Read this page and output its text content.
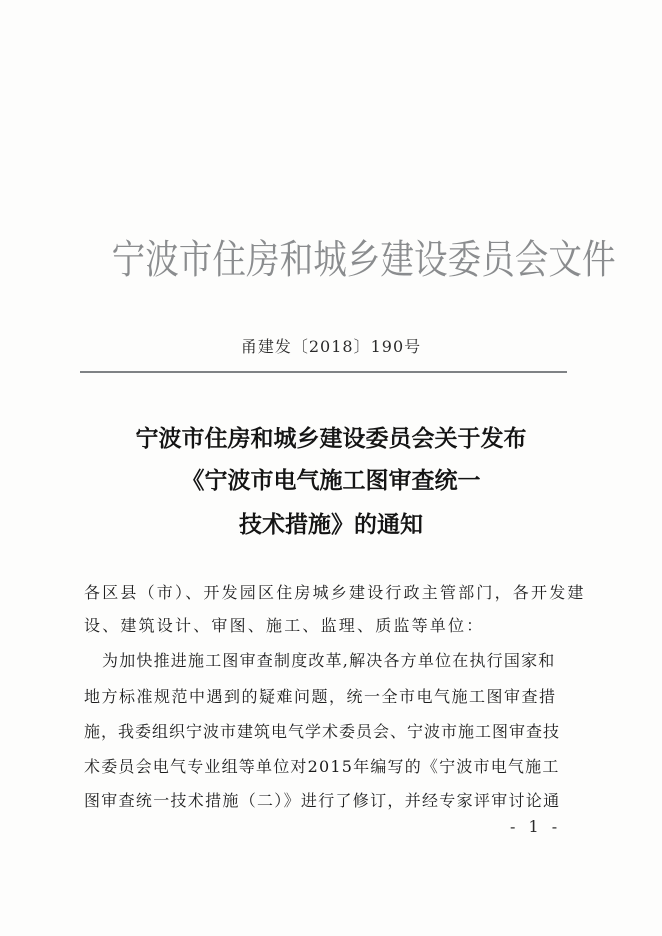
宁波市住房和城乡建设委员会文件
甬建发〔2018〕190号
宁波市住房和城乡建设委员会关于发布
《宁波市电气施工图审查统一
技术措施》的通知
各区县（市）、开发园区住房城乡建设行政主管部门，各开发建
设、建筑设计、审图、施工、监理、质监等单位：
为加快推进施工图审查制度改革,解决各方单位在执行国家和
地方标准规范中遇到的疑难问题，统一全市电气施工图审查措
施，我委组织宁波市建筑电气学术委员会、宁波市施工图审查技
术委员会电气专业组等单位对2015年编写的《宁波市电气施工
图审查统一技术措施（二）》进行了修订，并经专家评审讨论通
- 1 -
